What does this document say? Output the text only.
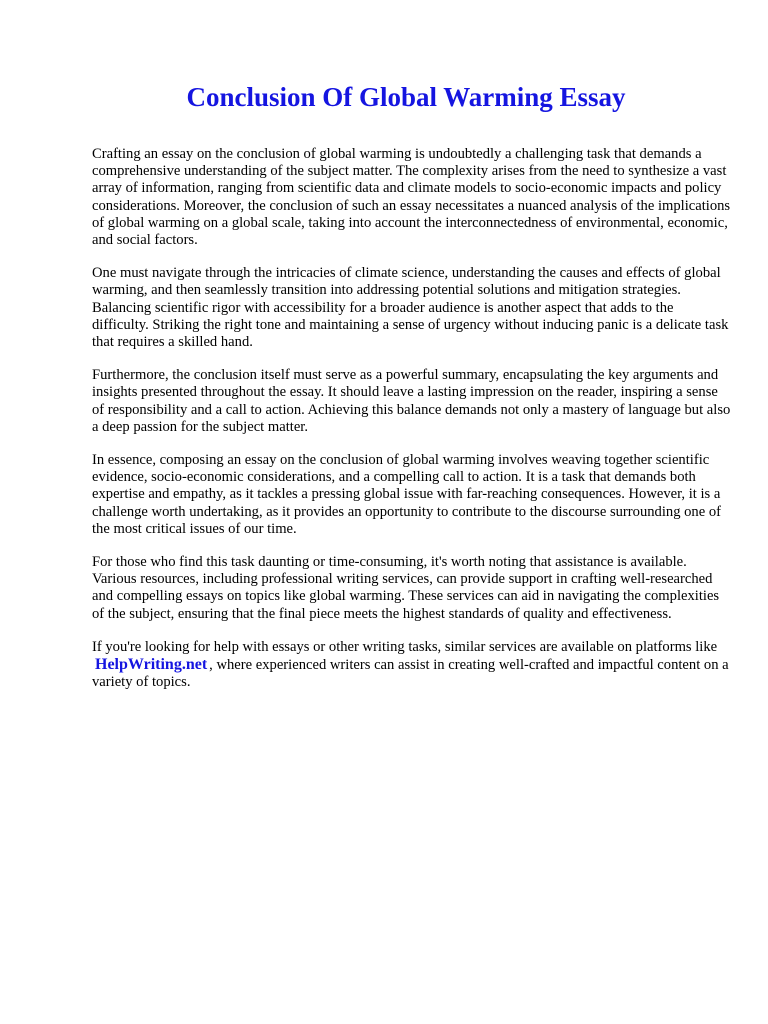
Conclusion Of Global Warming Essay

Crafting an essay on the conclusion of global warming is undoubtedly a challenging task that demands a comprehensive understanding of the subject matter. The complexity arises from the need to synthesize a vast array of information, ranging from scientific data and climate models to socio-economic impacts and policy considerations. Moreover, the conclusion of such an essay necessitates a nuanced analysis of the implications of global warming on a global scale, taking into account the interconnectedness of environmental, economic, and social factors.

One must navigate through the intricacies of climate science, understanding the causes and effects of global warming, and then seamlessly transition into addressing potential solutions and mitigation strategies. Balancing scientific rigor with accessibility for a broader audience is another aspect that adds to the difficulty. Striking the right tone and maintaining a sense of urgency without inducing panic is a delicate task that requires a skilled hand.

Furthermore, the conclusion itself must serve as a powerful summary, encapsulating the key arguments and insights presented throughout the essay. It should leave a lasting impression on the reader, inspiring a sense of responsibility and a call to action. Achieving this balance demands not only a mastery of language but also a deep passion for the subject matter.

In essence, composing an essay on the conclusion of global warming involves weaving together scientific evidence, socio-economic considerations, and a compelling call to action. It is a task that demands both expertise and empathy, as it tackles a pressing global issue with far-reaching consequences. However, it is a challenge worth undertaking, as it provides an opportunity to contribute to the discourse surrounding one of the most critical issues of our time.

For those who find this task daunting or time-consuming, it's worth noting that assistance is available. Various resources, including professional writing services, can provide support in crafting well-researched and compelling essays on topics like global warming. These services can aid in navigating the complexities of the subject, ensuring that the final piece meets the highest standards of quality and effectiveness.

If you're looking for help with essays or other writing tasks, similar services are available on platforms like HelpWriting.net , where experienced writers can assist in creating well-crafted and impactful content on a variety of topics.
